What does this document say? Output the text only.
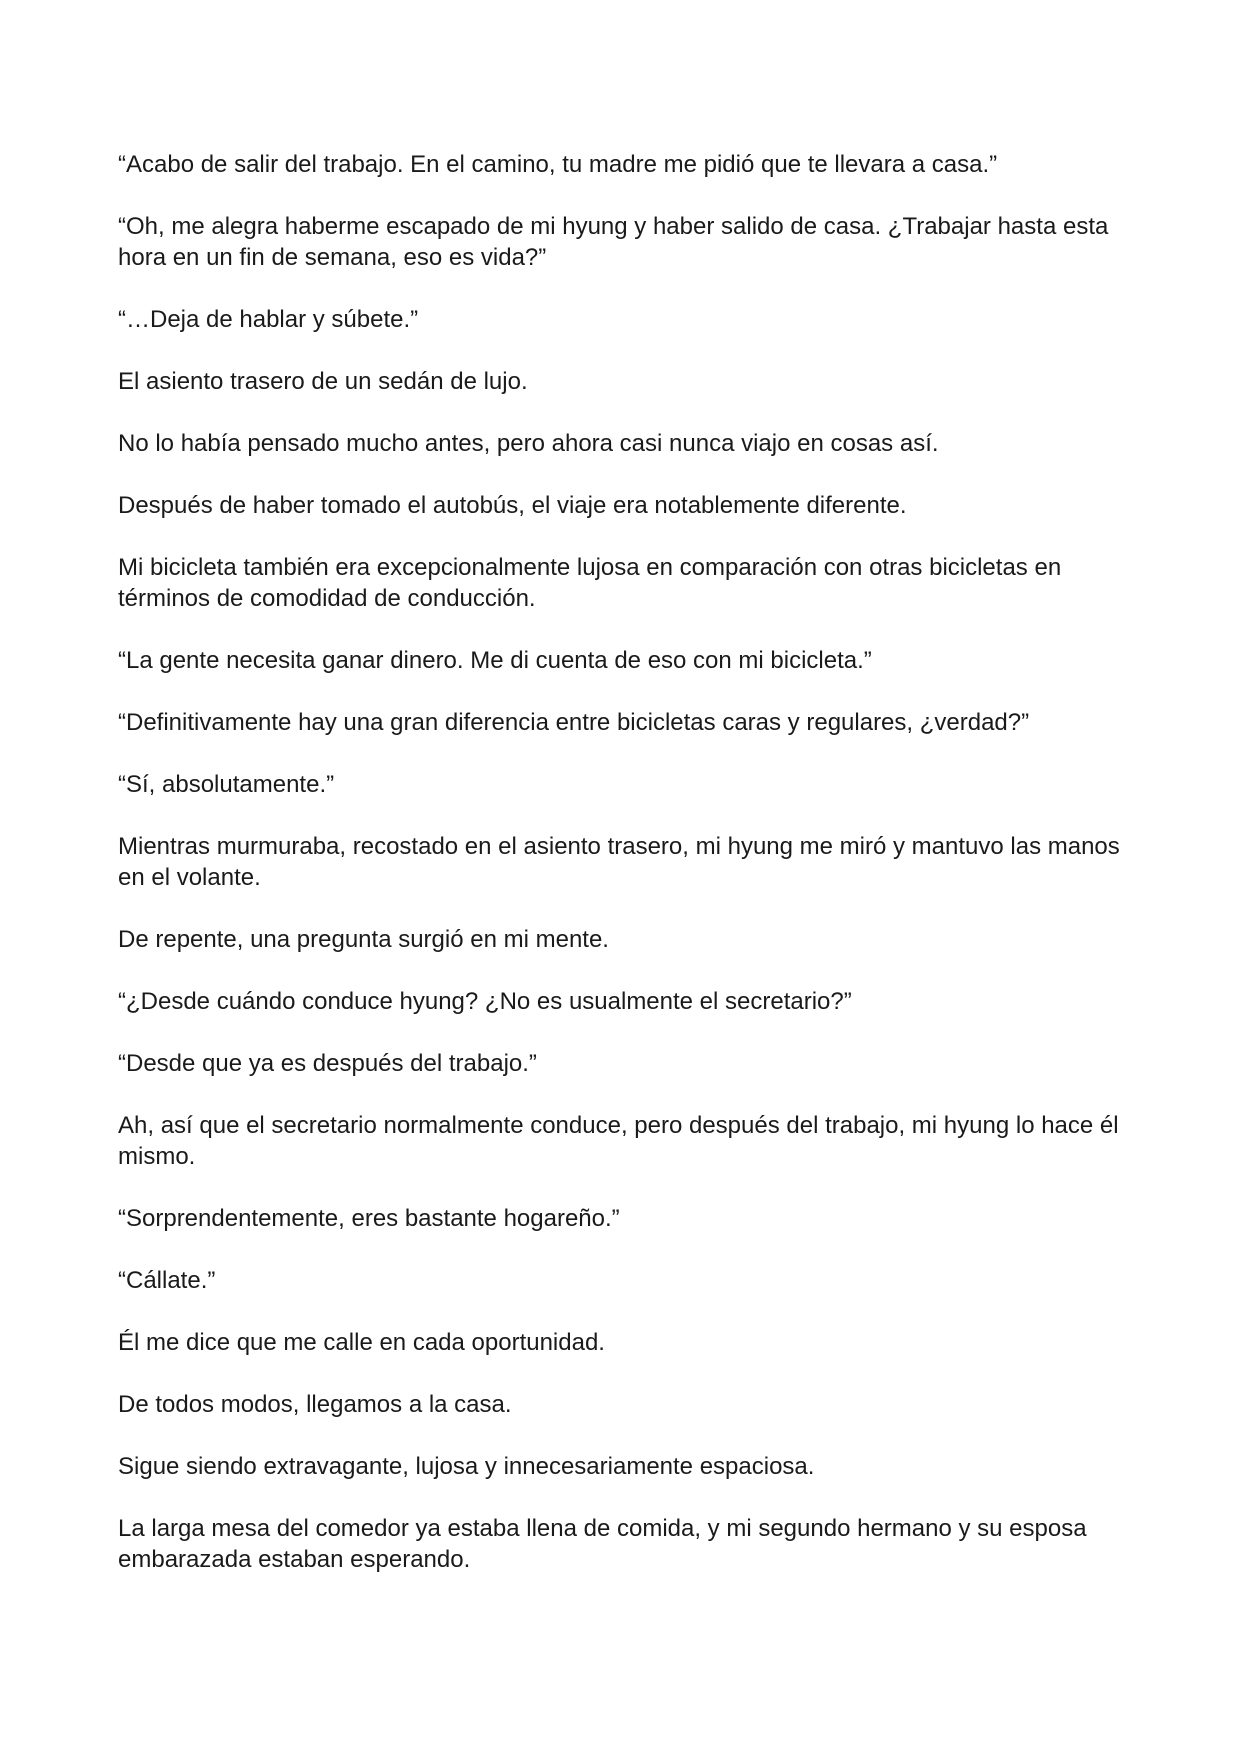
“Acabo de salir del trabajo. En el camino, tu madre me pidió que te llevara a casa.”

“Oh, me alegra haberme escapado de mi hyung y haber salido de casa. ¿Trabajar hasta esta hora en un fin de semana, eso es vida?”

“…Deja de hablar y súbete.”

El asiento trasero de un sedán de lujo.

No lo había pensado mucho antes, pero ahora casi nunca viajo en cosas así.

Después de haber tomado el autobús, el viaje era notablemente diferente.

Mi bicicleta también era excepcionalmente lujosa en comparación con otras bicicletas en términos de comodidad de conducción.

“La gente necesita ganar dinero. Me di cuenta de eso con mi bicicleta.”

“Definitivamente hay una gran diferencia entre bicicletas caras y regulares, ¿verdad?”

“Sí, absolutamente.”

Mientras murmuraba, recostado en el asiento trasero, mi hyung me miró y mantuvo las manos en el volante.

De repente, una pregunta surgió en mi mente.

“¿Desde cuándo conduce hyung? ¿No es usualmente el secretario?”

“Desde que ya es después del trabajo.”

Ah, así que el secretario normalmente conduce, pero después del trabajo, mi hyung lo hace él mismo.

“Sorprendentemente, eres bastante hogareño.”

“Cállate.”

Él me dice que me calle en cada oportunidad.

De todos modos, llegamos a la casa.

Sigue siendo extravagante, lujosa y innecesariamente espaciosa.

La larga mesa del comedor ya estaba llena de comida, y mi segundo hermano y su esposa embarazada estaban esperando.
